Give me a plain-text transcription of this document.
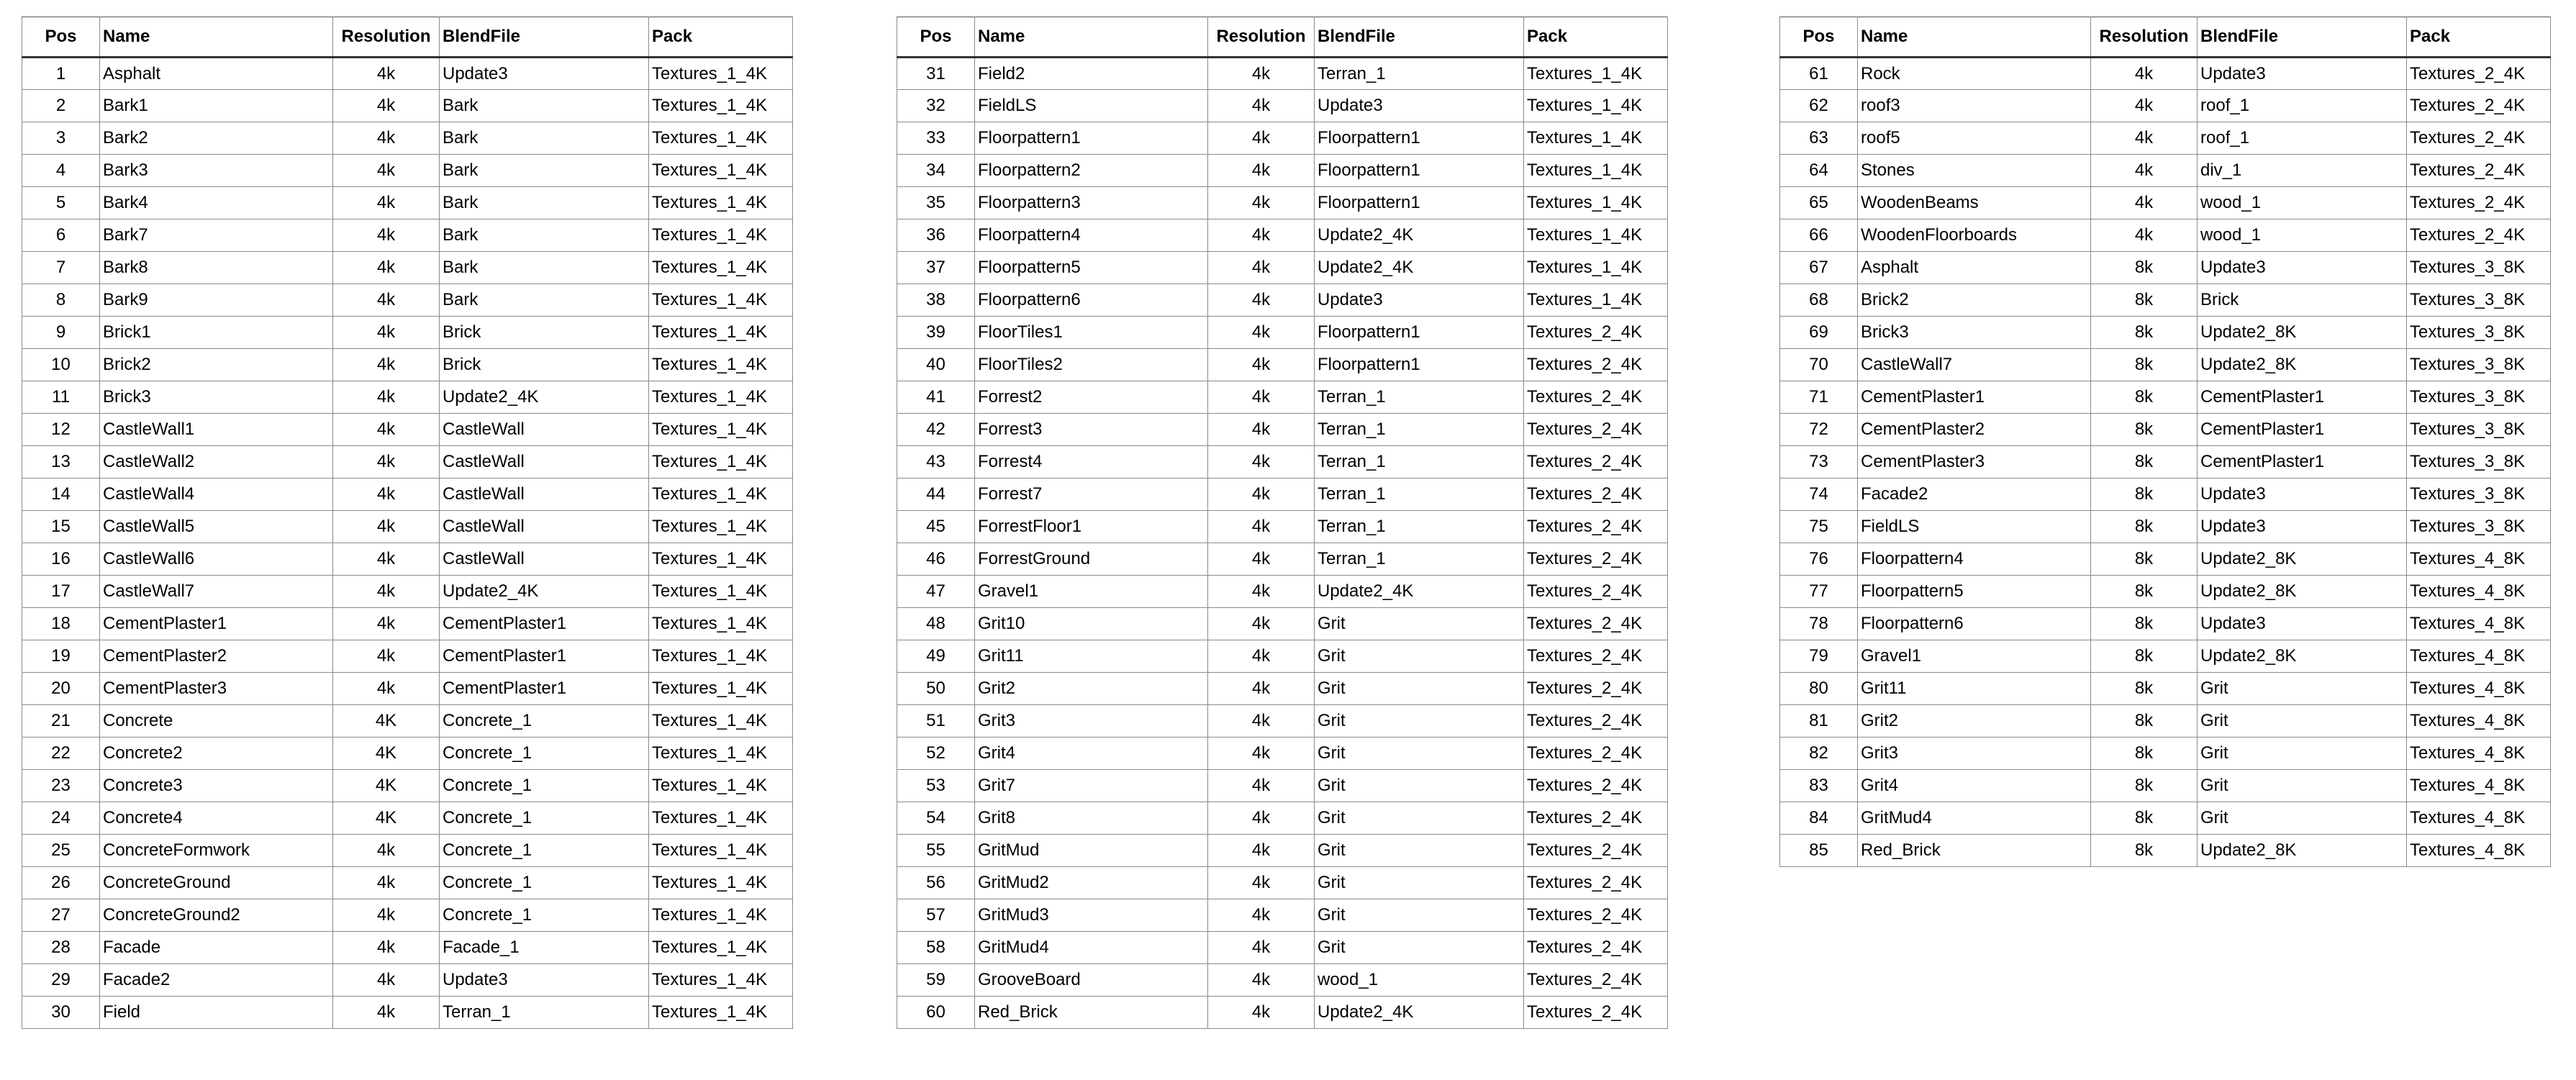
Pos	Name	Resolution	BlendFile	Pack
1	Asphalt	4k	Update3	Textures_1_4K
2	Bark1	4k	Bark	Textures_1_4K
3	Bark2	4k	Bark	Textures_1_4K
4	Bark3	4k	Bark	Textures_1_4K
5	Bark4	4k	Bark	Textures_1_4K
6	Bark7	4k	Bark	Textures_1_4K
7	Bark8	4k	Bark	Textures_1_4K
8	Bark9	4k	Bark	Textures_1_4K
9	Brick1	4k	Brick	Textures_1_4K
10	Brick2	4k	Brick	Textures_1_4K
11	Brick3	4k	Update2_4K	Textures_1_4K
12	CastleWall1	4k	CastleWall	Textures_1_4K
13	CastleWall2	4k	CastleWall	Textures_1_4K
14	CastleWall4	4k	CastleWall	Textures_1_4K
15	CastleWall5	4k	CastleWall	Textures_1_4K
16	CastleWall6	4k	CastleWall	Textures_1_4K
17	CastleWall7	4k	Update2_4K	Textures_1_4K
18	CementPlaster1	4k	CementPlaster1	Textures_1_4K
19	CementPlaster2	4k	CementPlaster1	Textures_1_4K
20	CementPlaster3	4k	CementPlaster1	Textures_1_4K
21	Concrete	4K	Concrete_1	Textures_1_4K
22	Concrete2	4K	Concrete_1	Textures_1_4K
23	Concrete3	4K	Concrete_1	Textures_1_4K
24	Concrete4	4K	Concrete_1	Textures_1_4K
25	ConcreteFormwork	4k	Concrete_1	Textures_1_4K
26	ConcreteGround	4k	Concrete_1	Textures_1_4K
27	ConcreteGround2	4k	Concrete_1	Textures_1_4K
28	Facade	4k	Facade_1	Textures_1_4K
29	Facade2	4k	Update3	Textures_1_4K
30	Field	4k	Terran_1	Textures_1_4K
Pos	Name	Resolution	BlendFile	Pack
31	Field2	4k	Terran_1	Textures_1_4K
32	FieldLS	4k	Update3	Textures_1_4K
33	Floorpattern1	4k	Floorpattern1	Textures_1_4K
34	Floorpattern2	4k	Floorpattern1	Textures_1_4K
35	Floorpattern3	4k	Floorpattern1	Textures_1_4K
36	Floorpattern4	4k	Update2_4K	Textures_1_4K
37	Floorpattern5	4k	Update2_4K	Textures_1_4K
38	Floorpattern6	4k	Update3	Textures_1_4K
39	FloorTiles1	4k	Floorpattern1	Textures_2_4K
40	FloorTiles2	4k	Floorpattern1	Textures_2_4K
41	Forrest2	4k	Terran_1	Textures_2_4K
42	Forrest3	4k	Terran_1	Textures_2_4K
43	Forrest4	4k	Terran_1	Textures_2_4K
44	Forrest7	4k	Terran_1	Textures_2_4K
45	ForrestFloor1	4k	Terran_1	Textures_2_4K
46	ForrestGround	4k	Terran_1	Textures_2_4K
47	Gravel1	4k	Update2_4K	Textures_2_4K
48	Grit10	4k	Grit	Textures_2_4K
49	Grit11	4k	Grit	Textures_2_4K
50	Grit2	4k	Grit	Textures_2_4K
51	Grit3	4k	Grit	Textures_2_4K
52	Grit4	4k	Grit	Textures_2_4K
53	Grit7	4k	Grit	Textures_2_4K
54	Grit8	4k	Grit	Textures_2_4K
55	GritMud	4k	Grit	Textures_2_4K
56	GritMud2	4k	Grit	Textures_2_4K
57	GritMud3	4k	Grit	Textures_2_4K
58	GritMud4	4k	Grit	Textures_2_4K
59	GrooveBoard	4k	wood_1	Textures_2_4K
60	Red_Brick	4k	Update2_4K	Textures_2_4K
Pos	Name	Resolution	BlendFile	Pack
61	Rock	4k	Update3	Textures_2_4K
62	roof3	4k	roof_1	Textures_2_4K
63	roof5	4k	roof_1	Textures_2_4K
64	Stones	4k	div_1	Textures_2_4K
65	WoodenBeams	4k	wood_1	Textures_2_4K
66	WoodenFloorboards	4k	wood_1	Textures_2_4K
67	Asphalt	8k	Update3	Textures_3_8K
68	Brick2	8k	Brick	Textures_3_8K
69	Brick3	8k	Update2_8K	Textures_3_8K
70	CastleWall7	8k	Update2_8K	Textures_3_8K
71	CementPlaster1	8k	CementPlaster1	Textures_3_8K
72	CementPlaster2	8k	CementPlaster1	Textures_3_8K
73	CementPlaster3	8k	CementPlaster1	Textures_3_8K
74	Facade2	8k	Update3	Textures_3_8K
75	FieldLS	8k	Update3	Textures_3_8K
76	Floorpattern4	8k	Update2_8K	Textures_4_8K
77	Floorpattern5	8k	Update2_8K	Textures_4_8K
78	Floorpattern6	8k	Update3	Textures_4_8K
79	Gravel1	8k	Update2_8K	Textures_4_8K
80	Grit11	8k	Grit	Textures_4_8K
81	Grit2	8k	Grit	Textures_4_8K
82	Grit3	8k	Grit	Textures_4_8K
83	Grit4	8k	Grit	Textures_4_8K
84	GritMud4	8k	Grit	Textures_4_8K
85	Red_Brick	8k	Update2_8K	Textures_4_8K
